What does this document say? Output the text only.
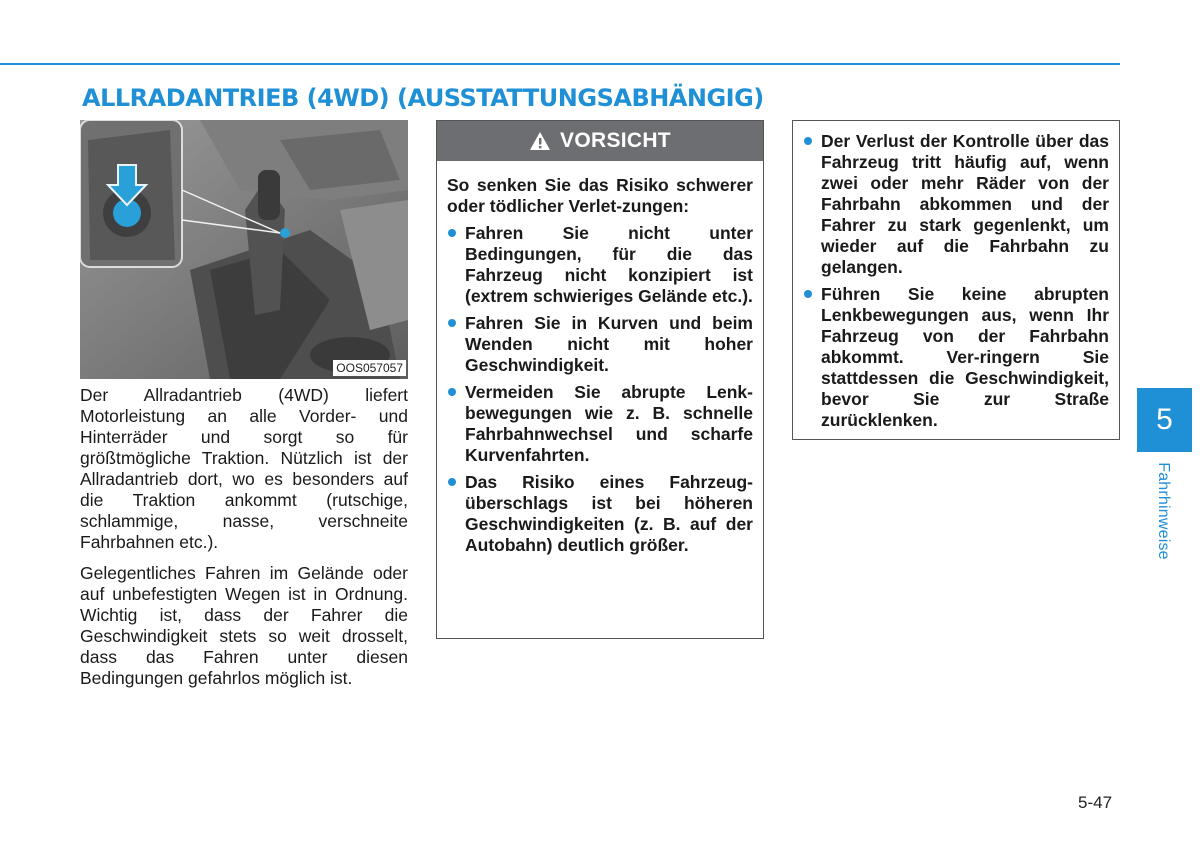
ALLRADANTRIEB (4WD) (AUSSTATTUNGSABHÄNGIG)
OOS057057

Der Allradantrieb (4WD) liefert Motorleistung an alle Vorder- und Hinterräder und sorgt so für größtmögliche Traktion. Nützlich ist der Allradantrieb dort, wo es besonders auf die Traktion ankommt (rutschige, schlammige, nasse, verschneite Fahrbahnen etc.).

Gelegentliches Fahren im Gelände oder auf unbefestigten Wegen ist in Ordnung. Wichtig ist, dass der Fahrer die Geschwindigkeit stets so weit drosselt, dass das Fahren unter diesen Bedingungen gefahrlos möglich ist.

VORSICHT
So senken Sie das Risiko schwerer oder tödlicher Verlet-zungen:
Fahren Sie nicht unter Bedingungen, für die das Fahrzeug nicht konzipiert ist (extrem schwieriges Gelände etc.).
Fahren Sie in Kurven und beim Wenden nicht mit hoher Geschwindigkeit.
Vermeiden Sie abrupte Lenk-bewegungen wie z. B. schnelle Fahrbahnwechsel und scharfe Kurvenfahrten.
Das Risiko eines Fahrzeug-überschlags ist bei höheren Geschwindigkeiten (z. B. auf der Autobahn) deutlich größer.
Der Verlust der Kontrolle über das Fahrzeug tritt häufig auf, wenn zwei oder mehr Räder von der Fahrbahn abkommen und der Fahrer zu stark gegenlenkt, um wieder auf die Fahrbahn zu gelangen.
Führen Sie keine abrupten Lenkbewegungen aus, wenn Ihr Fahrzeug von der Fahrbahn abkommt. Ver-ringern Sie stattdessen die Geschwindigkeit, bevor Sie zur Straße zurücklenken.	5
Fahrhinweise
5-47
